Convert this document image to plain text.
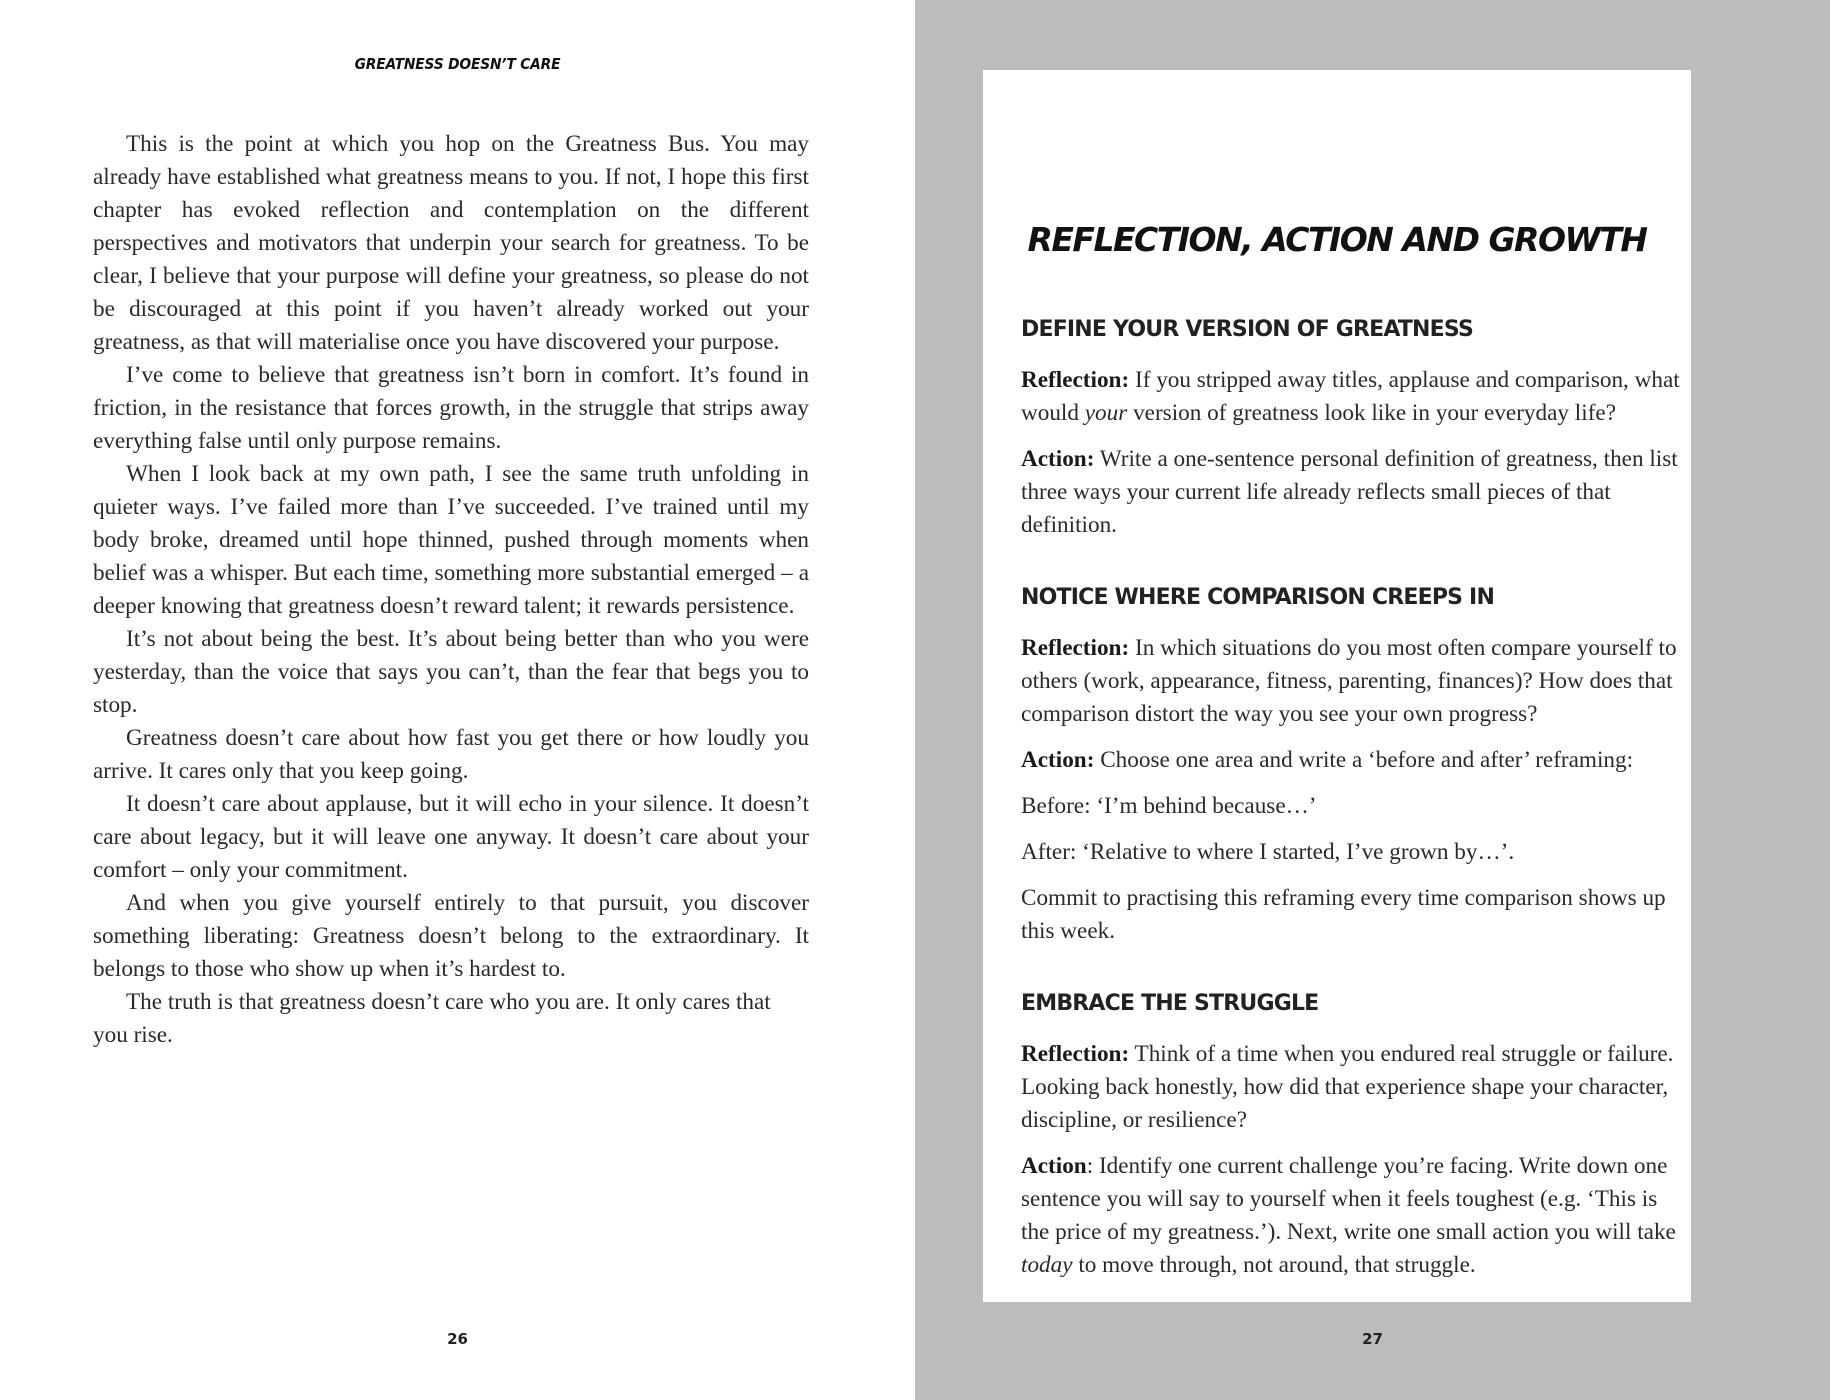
GREATNESS DOESN’T CARE

This is the point at which you hop on the Greatness Bus. You may already have established what greatness means to you. If not, I hope this first chapter has evoked reflection and contemplation on the different perspectives and motivators that underpin your search for greatness. To be clear, I believe that your purpose will define your greatness, so please do not be discouraged at this point if you haven’t already worked out your greatness, as that will materialise once you have discovered your purpose.

I’ve come to believe that greatness isn’t born in comfort. It’s found in friction, in the resistance that forces growth, in the struggle that strips away everything false until only purpose remains.

When I look back at my own path, I see the same truth unfolding in quieter ways. I’ve failed more than I’ve succeeded. I’ve trained until my body broke, dreamed until hope thinned, pushed through moments when belief was a whisper. But each time, something more substantial emerged – a deeper knowing that greatness doesn’t reward talent; it rewards persistence.

It’s not about being the best. It’s about being better than who you were yesterday, than the voice that says you can’t, than the fear that begs you to stop.

Greatness doesn’t care about how fast you get there or how loudly you arrive. It cares only that you keep going.

It doesn’t care about applause, but it will echo in your silence. It doesn’t care about legacy, but it will leave one anyway. It doesn’t care about your comfort – only your commitment.

And when you give yourself entirely to that pursuit, you discover something liberating: Greatness doesn’t belong to the extraordinary. It belongs to those who show up when it’s hardest to.

The truth is that greatness doesn’t care who you are. It only cares that you rise.

26
REFLECTION, ACTION AND GROWTH
DEFINE YOUR VERSION OF GREATNESS

Reflection: If you stripped away titles, applause and comparison, what would your version of greatness look like in your everyday life?

Action: Write a one-sentence personal definition of greatness, then list three ways your current life already reflects small pieces of that definition.

NOTICE WHERE COMPARISON CREEPS IN

Reflection: In which situations do you most often compare yourself to others (work, appearance, fitness, parenting, finances)? How does that comparison distort the way you see your own progress?

Action: Choose one area and write a ‘before and after’ reframing:

Before: ‘I’m behind because…’

After: ‘Relative to where I started, I’ve grown by…’.

Commit to practising this reframing every time comparison shows up this week.

EMBRACE THE STRUGGLE

Reflection: Think of a time when you endured real struggle or failure. Looking back honestly, how did that experience shape your character, discipline, or resilience?

Action: Identify one current challenge you’re facing. Write down one sentence you will say to yourself when it feels toughest (e.g. ‘This is the price of my greatness.’). Next, write one small action you will take today to move through, not around, that struggle.

27
